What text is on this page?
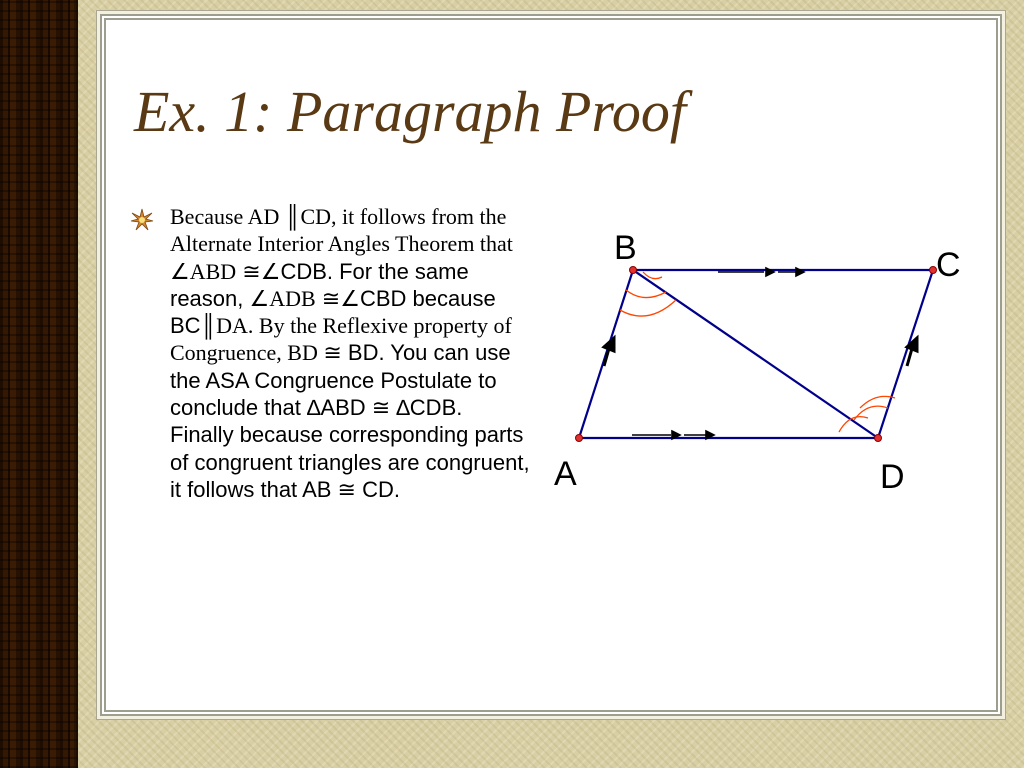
Ex. 1: Paragraph Proof

Because AD ║CD, it follows from the Alternate Interior Angles Theorem that ∠ABD ≅∠CDB. For the same reason, ∠ADB ≅∠CBD because BC║DA. By the Reflexive property of Congruence, BD ≅ BD. You can use the ASA Congruence Postulate to conclude that ∆ABD ≅ ∆CDB. Finally because corresponding parts of congruent triangles are congruent, it follows that AB ≅ CD.

B	C
A	D
